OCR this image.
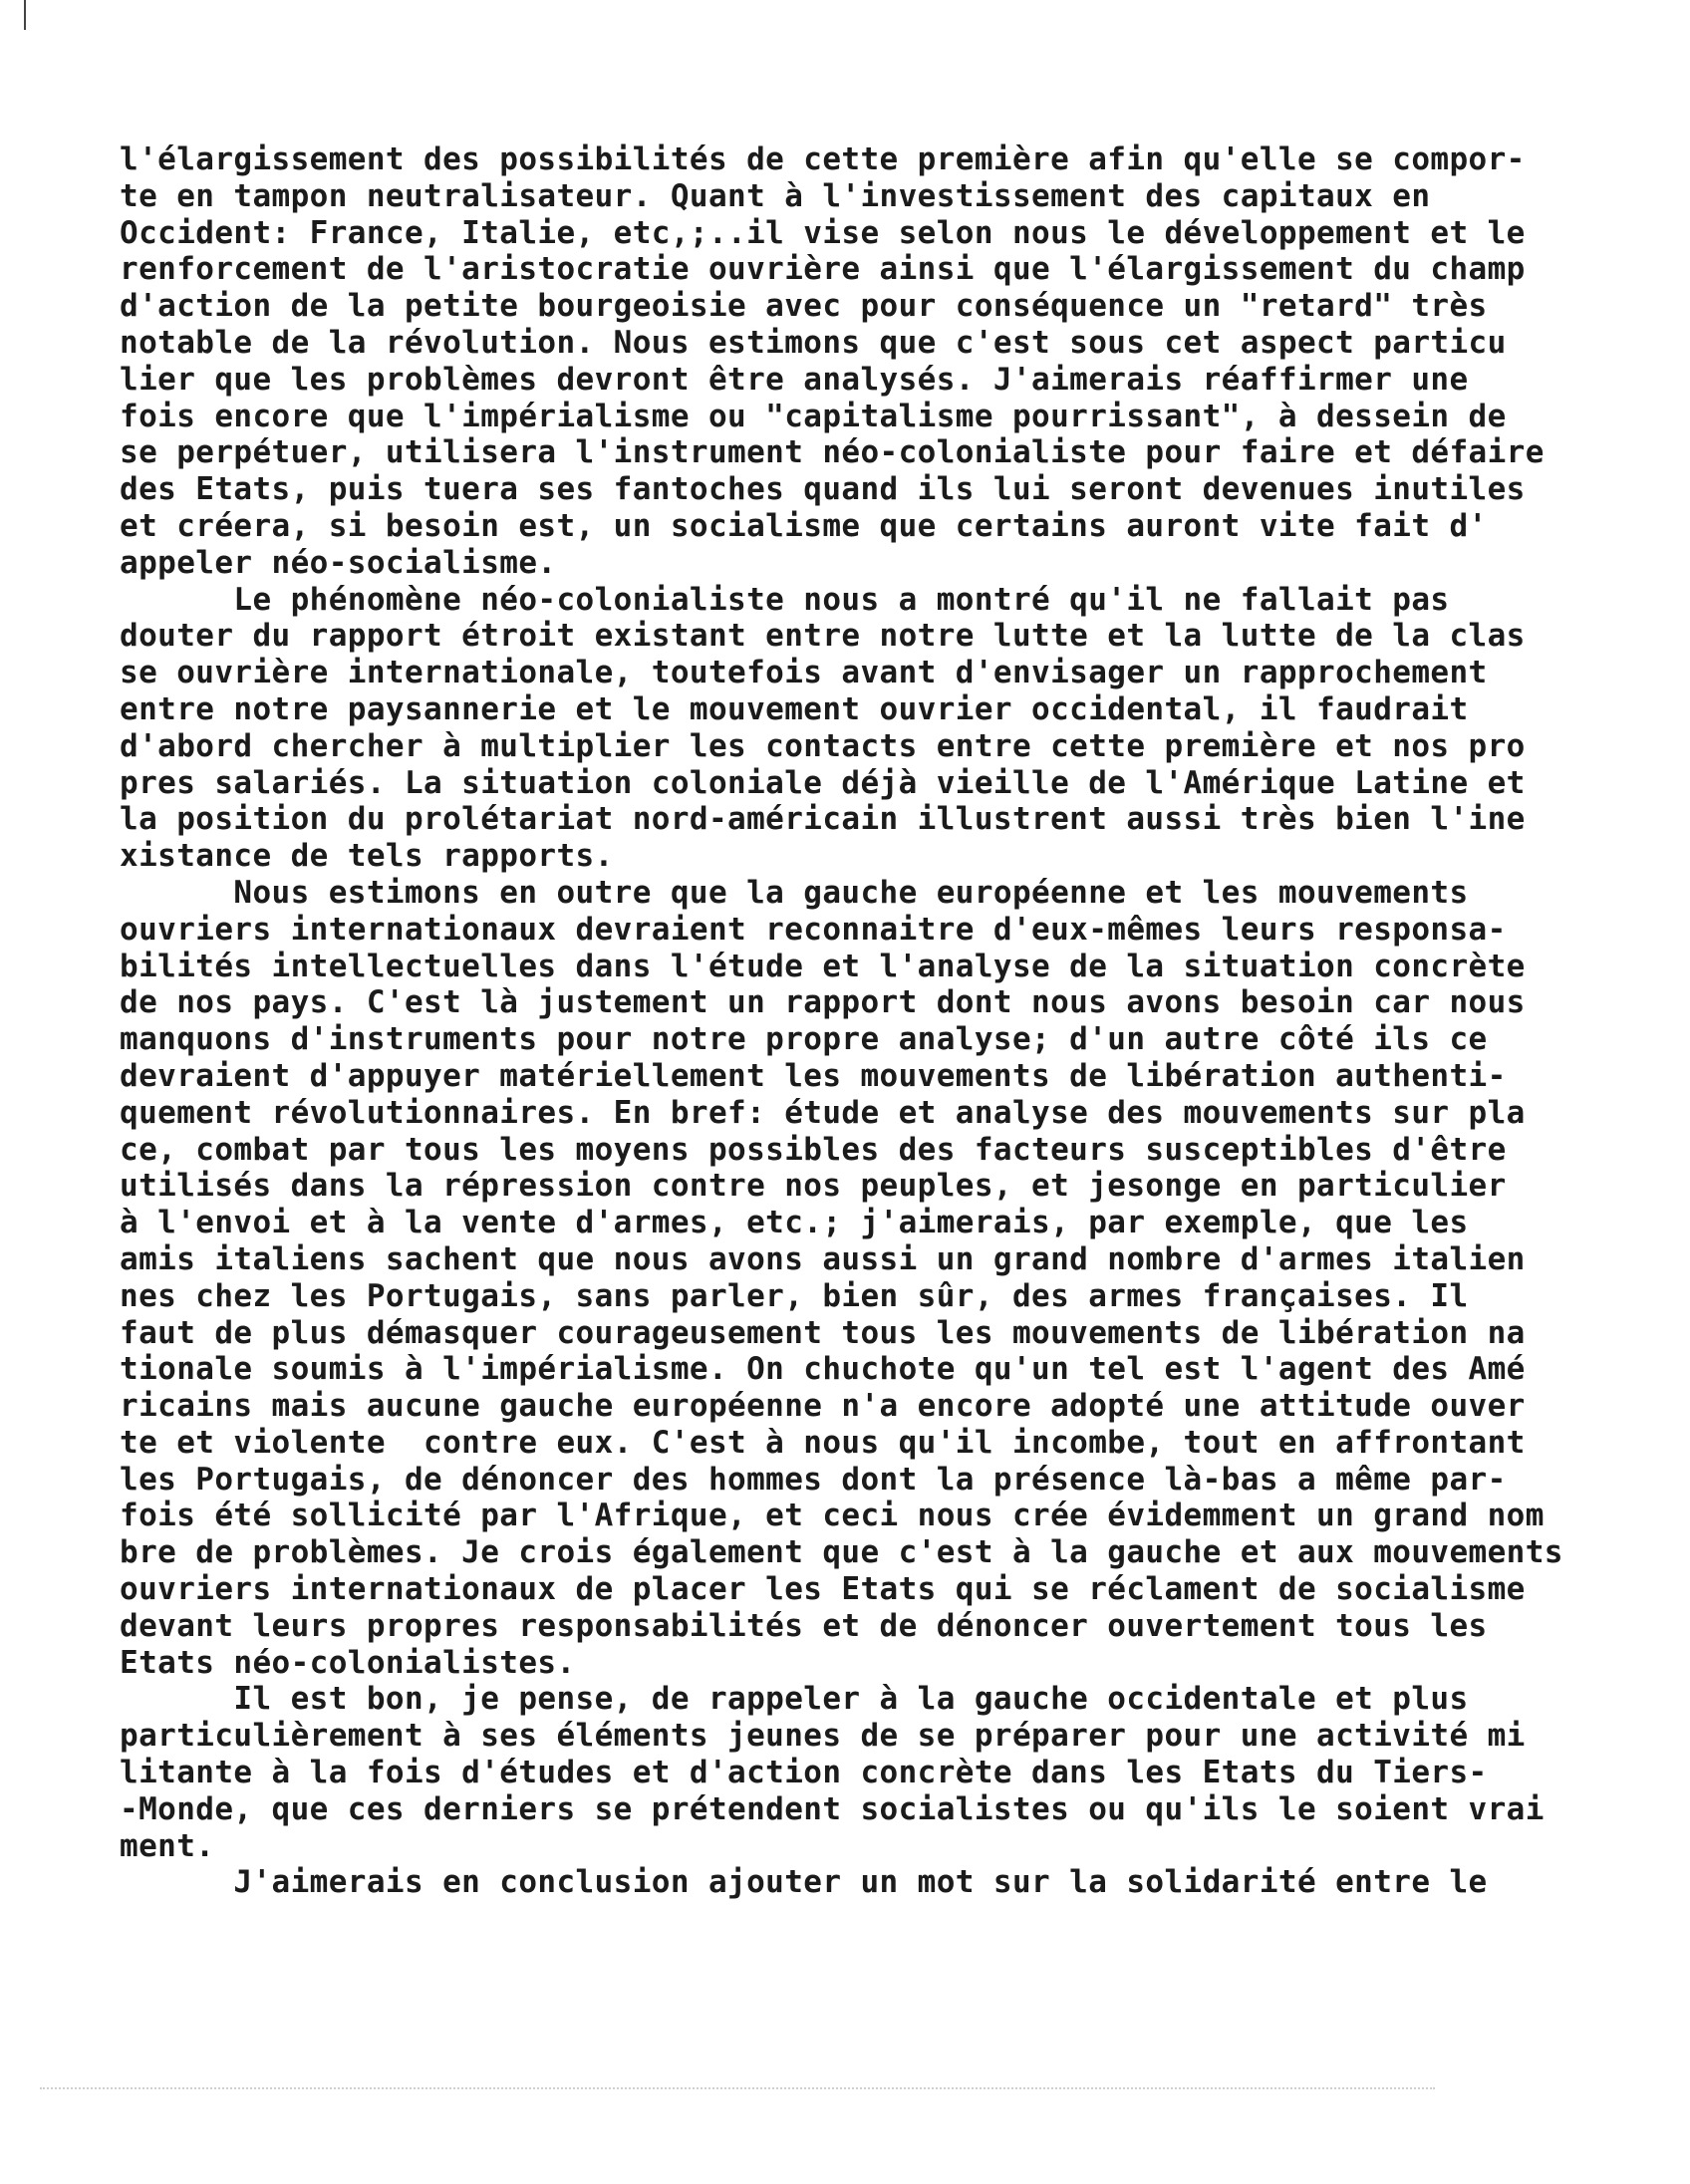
l'élargissement des possibilités de cette première afin qu'elle se compor-
te en tampon neutralisateur. Quant à l'investissement des capitaux en
Occident: France, Italie, etc,;..il vise selon nous le développement et le
renforcement de l'aristocratie ouvrière ainsi que l'élargissement du champ
d'action de la petite bourgeoisie avec pour conséquence un "retard" très
notable de la révolution. Nous estimons que c'est sous cet aspect particu
lier que les problèmes devront être analysés. J'aimerais réaffirmer une
fois encore que l'impérialisme ou "capitalisme pourrissant", à dessein de
se perpétuer, utilisera l'instrument néo-colonialiste pour faire et défaire
des Etats, puis tuera ses fantoches quand ils lui seront devenues inutiles
et créera, si besoin est, un socialisme que certains auront vite fait d'
appeler néo-socialisme.
Le phénomène néo-colonialiste nous a montré qu'il ne fallait pas
douter du rapport étroit existant entre notre lutte et la lutte de la clas
se ouvrière internationale, toutefois avant d'envisager un rapprochement
entre notre paysannerie et le mouvement ouvrier occidental, il faudrait
d'abord chercher à multiplier les contacts entre cette première et nos pro
pres salariés. La situation coloniale déjà vieille de l'Amérique Latine et
la position du prolétariat nord-américain illustrent aussi très bien l'ine
xistance de tels rapports.
Nous estimons en outre que la gauche européenne et les mouvements
ouvriers internationaux devraient reconnaitre d'eux-mêmes leurs responsa-
bilités intellectuelles dans l'étude et l'analyse de la situation concrète
de nos pays. C'est là justement un rapport dont nous avons besoin car nous
manquons d'instruments pour notre propre analyse; d'un autre côté ils ce
devraient d'appuyer matériellement les mouvements de libération authenti-
quement révolutionnaires. En bref: étude et analyse des mouvements sur pla
ce, combat par tous les moyens possibles des facteurs susceptibles d'être
utilisés dans la répression contre nos peuples, et jesonge en particulier
à l'envoi et à la vente d'armes, etc.; j'aimerais, par exemple, que les
amis italiens sachent que nous avons aussi un grand nombre d'armes italien
nes chez les Portugais, sans parler, bien sûr, des armes françaises. Il
faut de plus démasquer courageusement tous les mouvements de libération na
tionale soumis à l'impérialisme. On chuchote qu'un tel est l'agent des Amé
ricains mais aucune gauche européenne n'a encore adopté une attitude ouver
te et violente  contre eux. C'est à nous qu'il incombe, tout en affrontant
les Portugais, de dénoncer des hommes dont la présence là-bas a même par-
fois été sollicité par l'Afrique, et ceci nous crée évidemment un grand nom
bre de problèmes. Je crois également que c'est à la gauche et aux mouvements
ouvriers internationaux de placer les Etats qui se réclament de socialisme
devant leurs propres responsabilités et de dénoncer ouvertement tous les
Etats néo-colonialistes.
Il est bon, je pense, de rappeler à la gauche occidentale et plus
particulièrement à ses éléments jeunes de se préparer pour une activité mi
litante à la fois d'études et d'action concrète dans les Etats du Tiers-
-Monde, que ces derniers se prétendent socialistes ou qu'ils le soient vrai
ment.
J'aimerais en conclusion ajouter un mot sur la solidarité entre le
